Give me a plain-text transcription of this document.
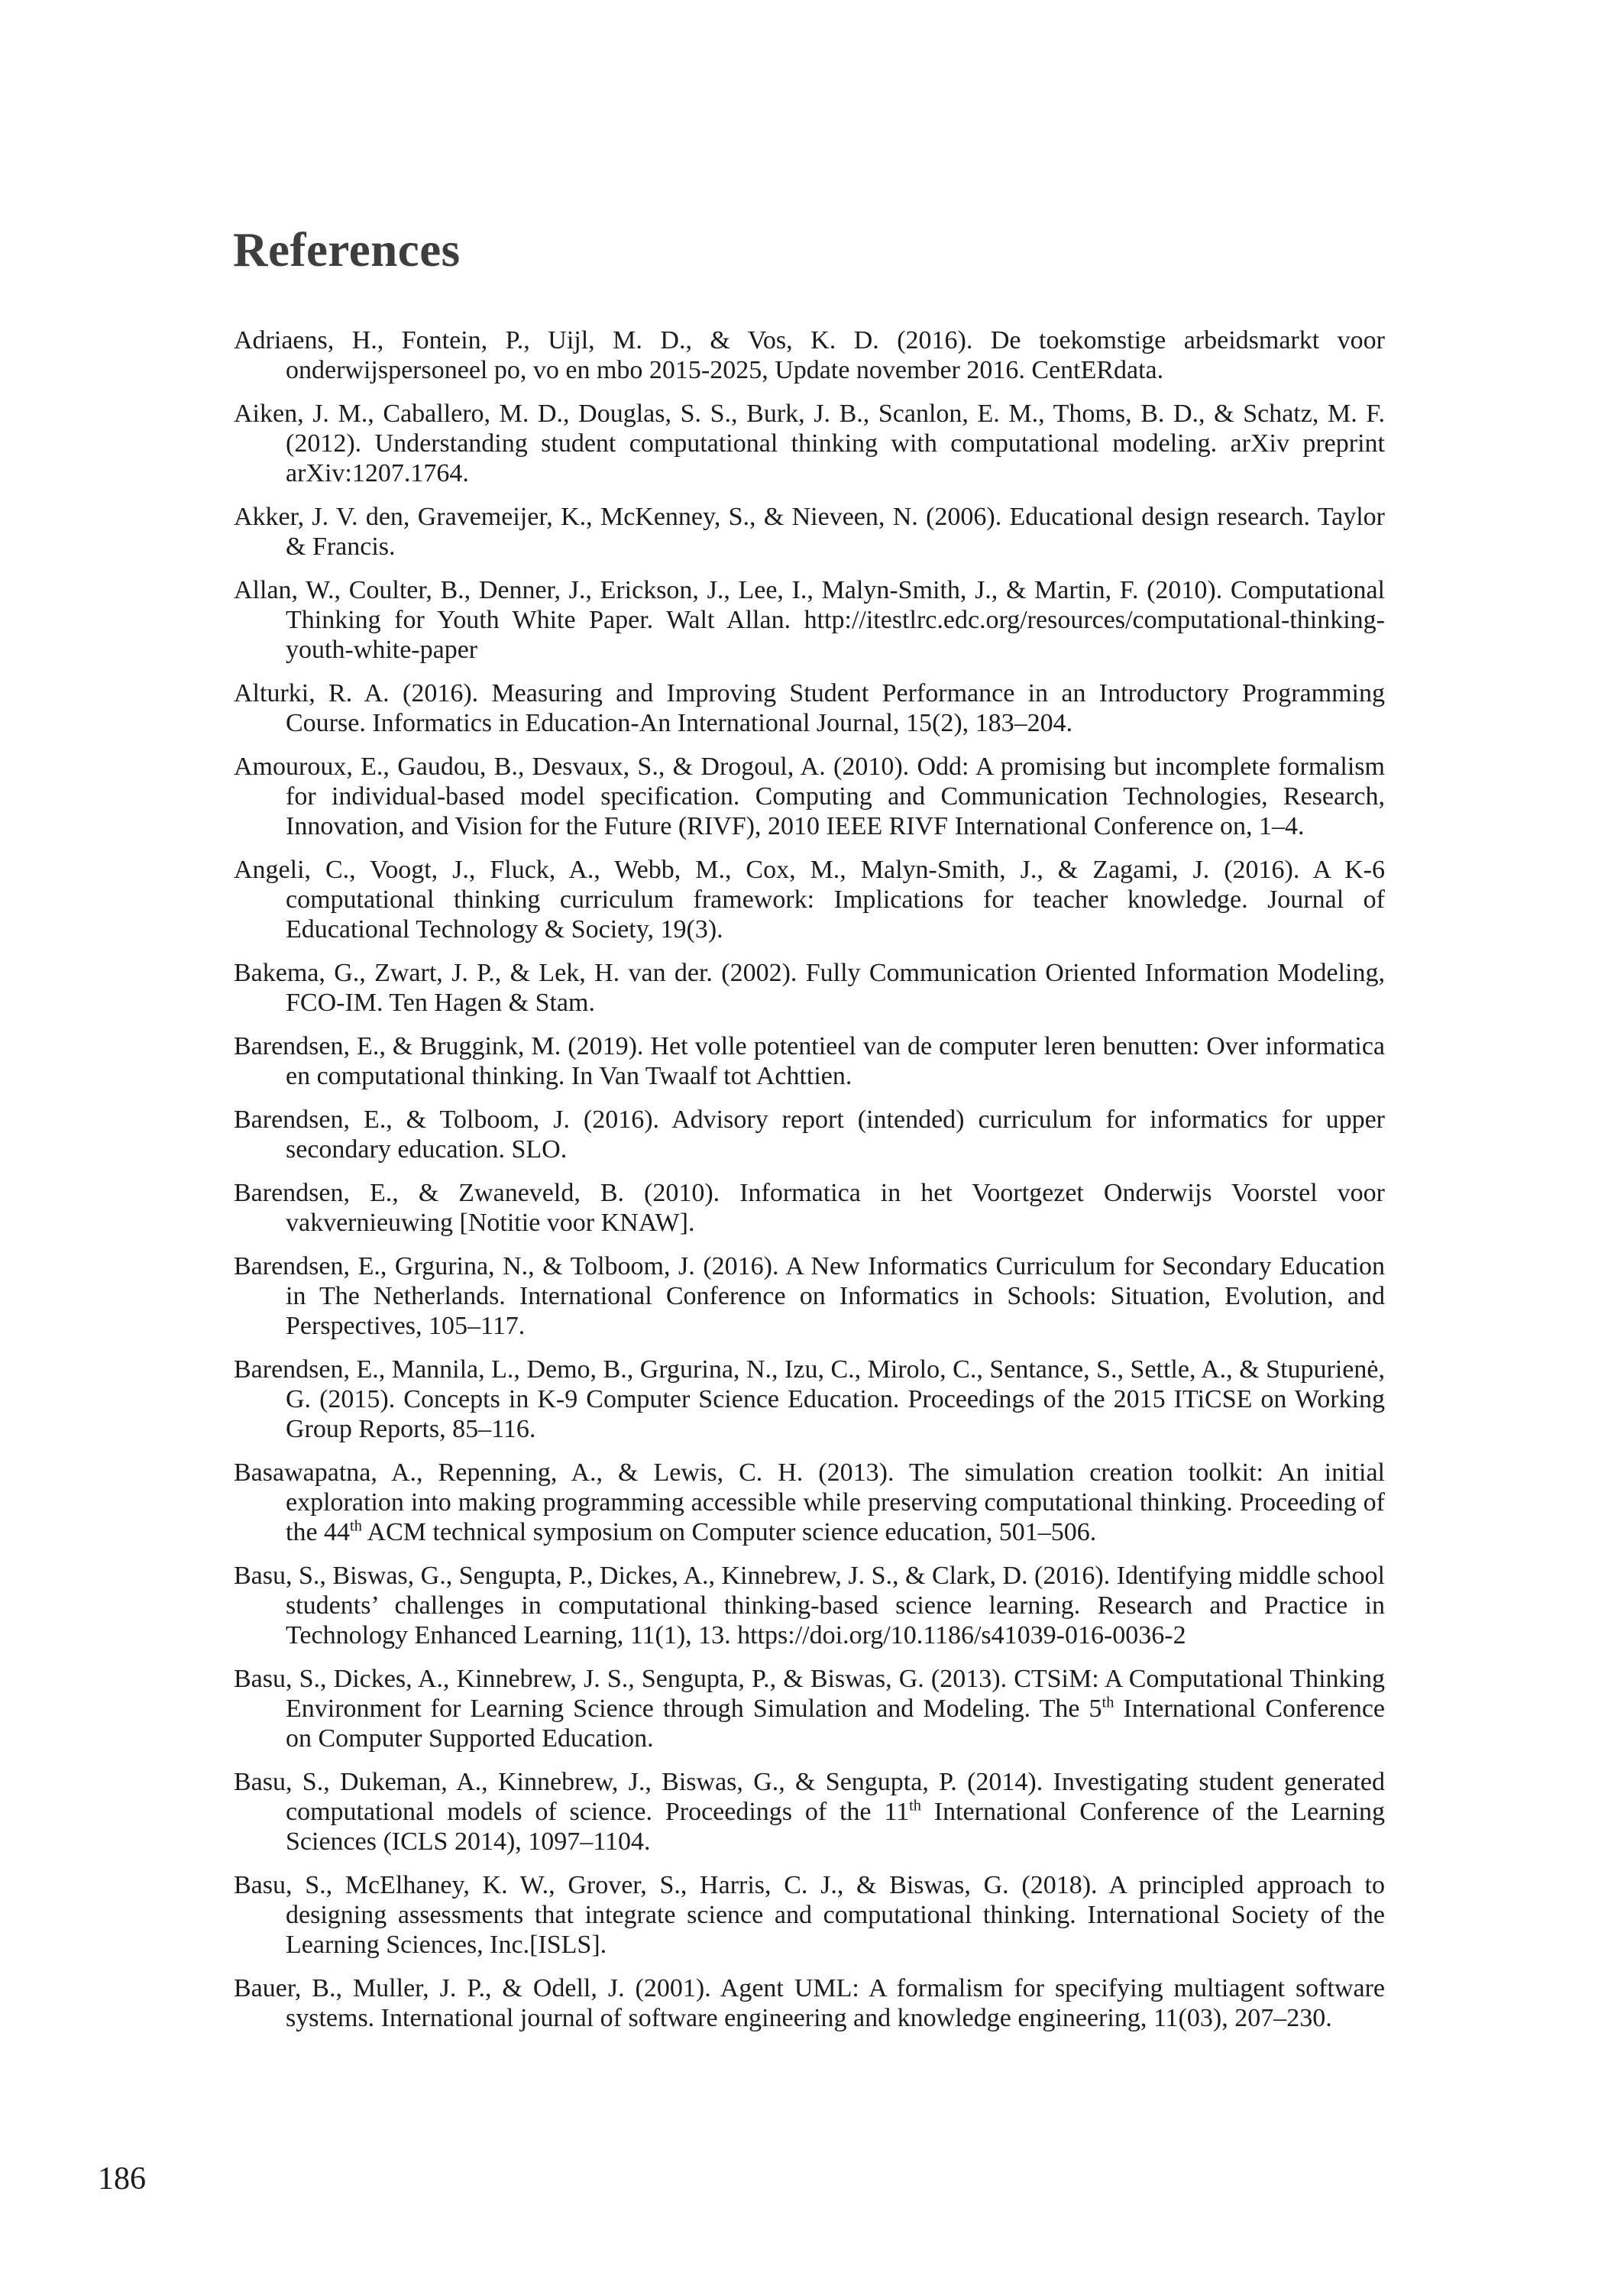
References

Adriaens, H., Fontein, P., Uijl, M. D., & Vos, K. D. (2016). De toekomstige arbeidsmarkt voor onderwijspersoneel po, vo en mbo 2015-2025, Update november 2016. CentERdata.

Aiken, J. M., Caballero, M. D., Douglas, S. S., Burk, J. B., Scanlon, E. M., Thoms, B. D., & Schatz, M. F. (2012). Understanding student computational thinking with computational modeling. arXiv preprint arXiv:1207.1764.

Akker, J. V. den, Gravemeijer, K., McKenney, S., & Nieveen, N. (2006). Educational design research. Taylor & Francis.

Allan, W., Coulter, B., Denner, J., Erickson, J., Lee, I., Malyn-Smith, J., & Martin, F. (2010). Computational Thinking for Youth White Paper. Walt Allan. http://itestlrc.edc.org/resources/computational-thinking-youth-white-paper

Alturki, R. A. (2016). Measuring and Improving Student Performance in an Introductory Programming Course. Informatics in Education-An International Journal, 15(2), 183–204.

Amouroux, E., Gaudou, B., Desvaux, S., & Drogoul, A. (2010). Odd: A promising but incomplete formalism for individual-based model specification. Computing and Communication Technologies, Research, Innovation, and Vision for the Future (RIVF), 2010 IEEE RIVF International Conference on, 1–4.

Angeli, C., Voogt, J., Fluck, A., Webb, M., Cox, M., Malyn-Smith, J., & Zagami, J. (2016). A K-6 computational thinking curriculum framework: Implications for teacher knowledge. Journal of Educational Technology & Society, 19(3).

Bakema, G., Zwart, J. P., & Lek, H. van der. (2002). Fully Communication Oriented Information Modeling, FCO-IM. Ten Hagen & Stam.

Barendsen, E., & Bruggink, M. (2019). Het volle potentieel van de computer leren benutten: Over informatica en computational thinking. In Van Twaalf tot Achttien.

Barendsen, E., & Tolboom, J. (2016). Advisory report (intended) curriculum for informatics for upper secondary education. SLO.

Barendsen, E., & Zwaneveld, B. (2010). Informatica in het Voortgezet Onderwijs Voorstel voor vakvernieuwing [Notitie voor KNAW].

Barendsen, E., Grgurina, N., & Tolboom, J. (2016). A New Informatics Curriculum for Secondary Education in The Netherlands. International Conference on Informatics in Schools: Situation, Evolution, and Perspectives, 105–117.

Barendsen, E., Mannila, L., Demo, B., Grgurina, N., Izu, C., Mirolo, C., Sentance, S., Settle, A., & Stupurienė, G. (2015). Concepts in K-9 Computer Science Education. Proceedings of the 2015 ITiCSE on Working Group Reports, 85–116.

Basawapatna, A., Repenning, A., & Lewis, C. H. (2013). The simulation creation toolkit: An initial exploration into making programming accessible while preserving computational thinking. Proceeding of the 44th ACM technical symposium on Computer science education, 501–506.

Basu, S., Biswas, G., Sengupta, P., Dickes, A., Kinnebrew, J. S., & Clark, D. (2016). Identifying middle school students’ challenges in computational thinking-based science learning. Research and Practice in Technology Enhanced Learning, 11(1), 13. https://doi.org/10.1186/s41039-016-0036-2

Basu, S., Dickes, A., Kinnebrew, J. S., Sengupta, P., & Biswas, G. (2013). CTSiM: A Computational Thinking Environment for Learning Science through Simulation and Modeling. The 5th International Conference on Computer Supported Education.

Basu, S., Dukeman, A., Kinnebrew, J., Biswas, G., & Sengupta, P. (2014). Investigating student generated computational models of science. Proceedings of the 11th International Conference of the Learning Sciences (ICLS 2014), 1097–1104.

Basu, S., McElhaney, K. W., Grover, S., Harris, C. J., & Biswas, G. (2018). A principled approach to designing assessments that integrate science and computational thinking. International Society of the Learning Sciences, Inc.[ISLS].

Bauer, B., Muller, J. P., & Odell, J. (2001). Agent UML: A formalism for specifying multiagent software systems. International journal of software engineering and knowledge engineering, 11(03), 207–230.

186
